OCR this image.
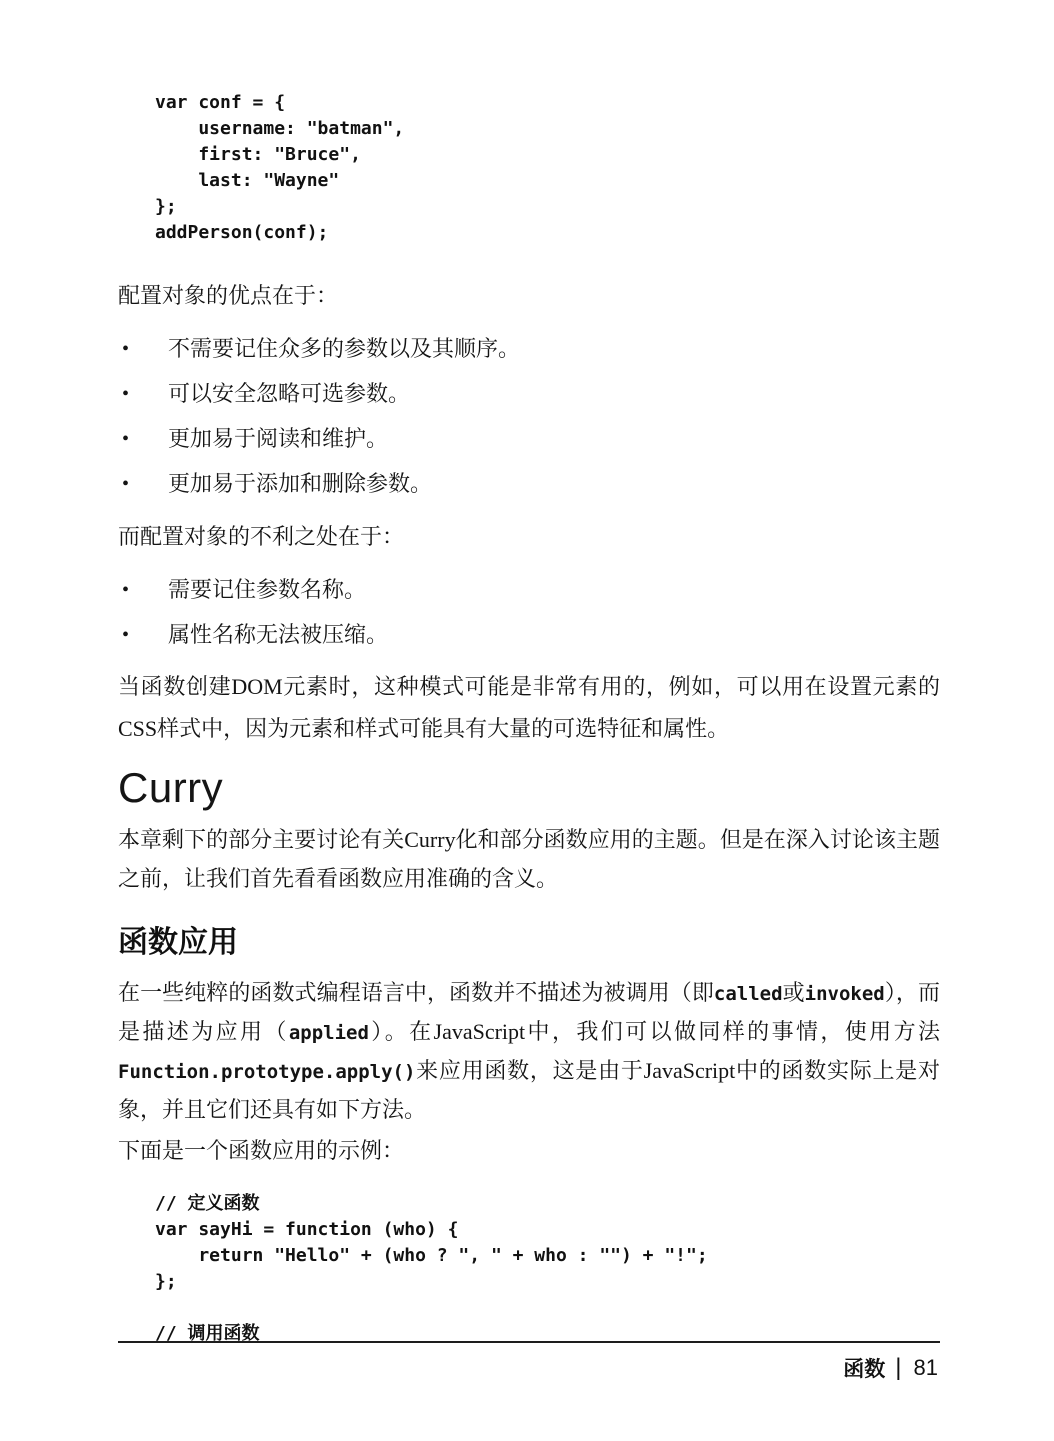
var conf = {
username: "batman",
first: "Bruce",
last: "Wayne"
};
addPerson(conf);

配置对象的优点在于：

•	不需要记住众多的参数以及其顺序。
•	可以安全忽略可选参数。
•	更加易于阅读和维护。
•	更加易于添加和删除参数。

而配置对象的不利之处在于：

•	需要记住参数名称。
•	属性名称无法被压缩。

当函数创建DOM元素时，这种模式可能是非常有用的，例如，可以用在设置元素的CSS样式中，因为元素和样式可能具有大量的可选特征和属性。

Curry

本章剩下的部分主要讨论有关Curry化和部分函数应用的主题。但是在深入讨论该主题之前，让我们首先看看函数应用准确的含义。

函数应用

在一些纯粹的函数式编程语言中，函数并不描述为被调用（即called或invoked），而是描述为应用（applied）。在JavaScript中，我们可以做同样的事情，使用方法Function.prototype.apply()来应用函数，这是由于JavaScript中的函数实际上是对象，并且它们还具有如下方法。

下面是一个函数应用的示例：

// 定义函数
var sayHi = function (who) {
return "Hello" + (who ? ", " + who : "") + "!";
};
// 调用函数
函数 | 81
